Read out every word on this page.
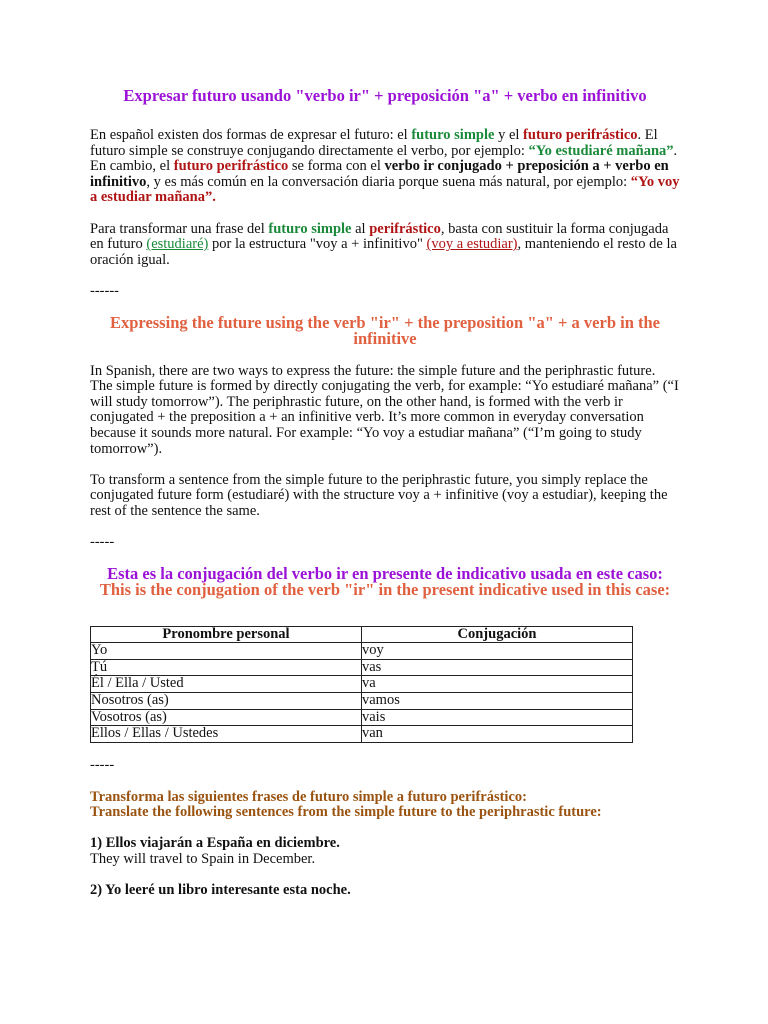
Expresar futuro usando "verbo ir" + preposición "a" + verbo en infinitivo

En español existen dos formas de expresar el futuro: el futuro simple y el futuro perifrástico. El futuro simple se construye conjugando directamente el verbo, por ejemplo: “Yo estudiaré mañana”. En cambio, el futuro perifrástico se forma con el verbo ir conjugado + preposición a + verbo en infinitivo, y es más común en la conversación diaria porque suena más natural, por ejemplo: “Yo voy a estudiar mañana”.

Para transformar una frase del futuro simple al perifrástico, basta con sustituir la forma conjugada en futuro (estudiaré) por la estructura "voy a + infinitivo" (voy a estudiar), manteniendo el resto de la oración igual.

------

Expressing the future using the verb "ir" + the preposition "a" + a verb in the infinitive

In Spanish, there are two ways to express the future: the simple future and the periphrastic future. The simple future is formed by directly conjugating the verb, for example: “Yo estudiaré mañana” (“I will study tomorrow”). The periphrastic future, on the other hand, is formed with the verb ir conjugated + the preposition a + an infinitive verb. It’s more common in everyday conversation because it sounds more natural. For example: “Yo voy a estudiar mañana” (“I’m going to study tomorrow”).

To transform a sentence from the simple future to the periphrastic future, you simply replace the conjugated future form (estudiaré) with the structure voy a + infinitive (voy a estudiar), keeping the rest of the sentence the same.

-----

Esta es la conjugación del verbo ir en presente de indicativo usada en este caso:
This is the conjugation of the verb "ir" in the present indicative used in this case:
Pronombre personal	Conjugación
Yo	voy
Tú	vas
Él / Ella / Usted	va
Nosotros (as)	vamos
Vosotros (as)	vais
Ellos / Ellas / Ustedes	van

-----

Transforma las siguientes frases de futuro simple a futuro perifrástico:

Translate the following sentences from the simple future to the periphrastic future:

1) Ellos viajarán a España en diciembre.

They will travel to Spain in December.

2) Yo leeré un libro interesante esta noche.
